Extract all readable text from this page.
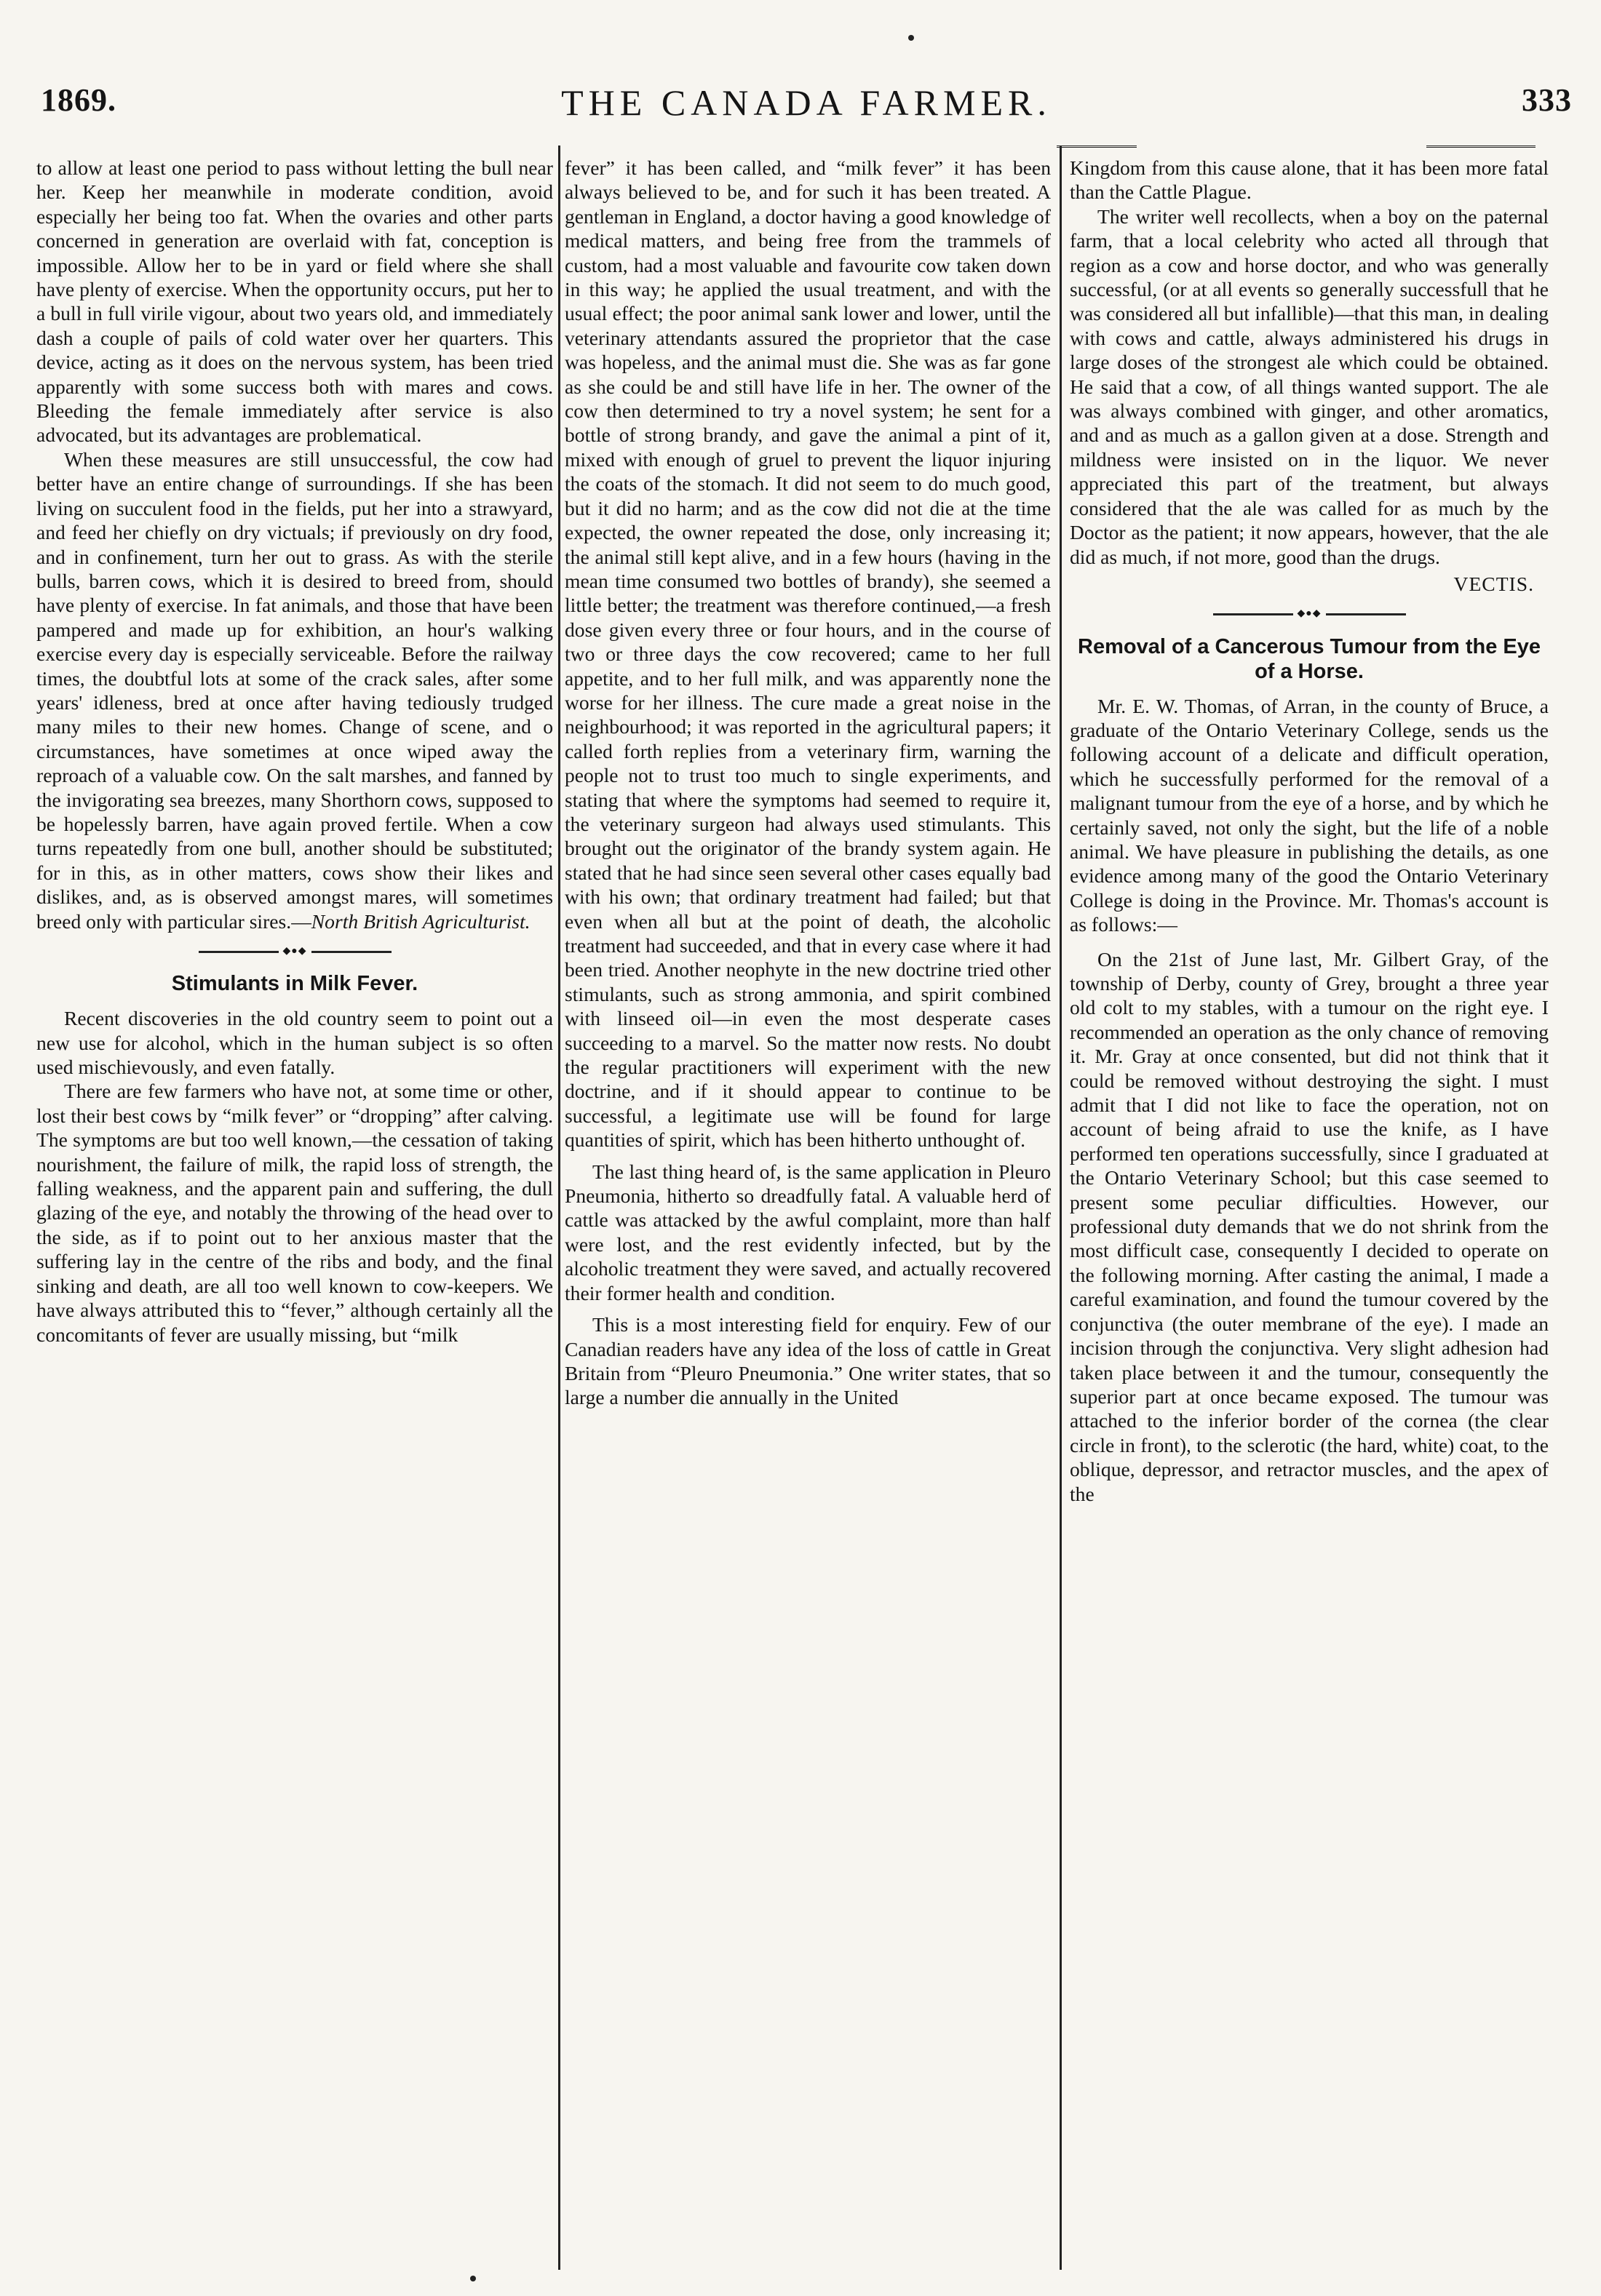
1869.	THE CANADA FARMER.	333

to allow at least one period to pass without letting the bull near her. Keep her meanwhile in moderate condition, avoid especially her being too fat. When the ovaries and other parts concerned in generation are overlaid with fat, conception is impossible. Allow her to be in yard or field where she shall have plenty of exercise. When the opportunity occurs, put her to a bull in full virile vigour, about two years old, and immediately dash a couple of pails of cold water over her quarters. This device, acting as it does on the nervous system, has been tried apparently with some success both with mares and cows. Bleeding the female immediately after service is also advocated, but its advantages are problematical.

When these measures are still unsuccessful, the cow had better have an entire change of surroundings. If she has been living on succulent food in the fields, put her into a strawyard, and feed her chiefly on dry victuals; if previously on dry food, and in confinement, turn her out to grass. As with the sterile bulls, barren cows, which it is desired to breed from, should have plenty of exercise. In fat animals, and those that have been pampered and made up for exhibition, an hour's walking exercise every day is especially serviceable. Before the railway times, the doubtful lots at some of the crack sales, after some years' idleness, bred at once after having tediously trudged many miles to their new homes. Change of scene, and o circumstances, have sometimes at once wiped away the reproach of a valuable cow. On the salt marshes, and fanned by the invigorating sea breezes, many Shorthorn cows, supposed to be hopelessly barren, have again proved fertile. When a cow turns repeatedly from one bull, another should be substituted; for in this, as in other matters, cows show their likes and dislikes, and, as is observed amongst mares, will sometimes breed only with particular sires.—North British Agriculturist.

◆●◆
Stimulants in Milk Fever.

Recent discoveries in the old country seem to point out a new use for alcohol, which in the human subject is so often used mischievously, and even fatally.

There are few farmers who have not, at some time or other, lost their best cows by “milk fever” or “dropping” after calving. The symptoms are but too well known,—the cessation of taking nourishment, the failure of milk, the rapid loss of strength, the falling weakness, and the apparent pain and suffering, the dull glazing of the eye, and notably the throwing of the head over to the side, as if to point out to her anxious master that the suffering lay in the centre of the ribs and body, and the final sinking and death, are all too well known to cow-keepers. We have always attributed this to “fever,” although certainly all the concomitants of fever are usually missing, but “milk

fever” it has been called, and “milk fever” it has been always believed to be, and for such it has been treated. A gentleman in England, a doctor having a good knowledge of medical matters, and being free from the trammels of custom, had a most valuable and favourite cow taken down in this way; he applied the usual treatment, and with the usual effect; the poor animal sank lower and lower, until the veterinary attendants assured the proprietor that the case was hopeless, and the animal must die. She was as far gone as she could be and still have life in her. The owner of the cow then determined to try a novel system; he sent for a bottle of strong brandy, and gave the animal a pint of it, mixed with enough of gruel to prevent the liquor injuring the coats of the stomach. It did not seem to do much good, but it did no harm; and as the cow did not die at the time expected, the owner repeated the dose, only increasing it; the animal still kept alive, and in a few hours (having in the mean time consumed two bottles of brandy), she seemed a little better; the treatment was therefore continued,—a fresh dose given every three or four hours, and in the course of two or three days the cow recovered; came to her full appetite, and to her full milk, and was apparently none the worse for her illness. The cure made a great noise in the neighbourhood; it was reported in the agricultural papers; it called forth replies from a veterinary firm, warning the people not to trust too much to single experiments, and stating that where the symptoms had seemed to require it, the veterinary surgeon had always used stimulants. This brought out the originator of the brandy system again. He stated that he had since seen several other cases equally bad with his own; that ordinary treatment had failed; but that even when all but at the point of death, the alcoholic treatment had succeeded, and that in every case where it had been tried. Another neophyte in the new doctrine tried other stimulants, such as strong ammonia, and spirit combined with linseed oil—in even the most desperate cases succeeding to a marvel. So the matter now rests. No doubt the regular practitioners will experiment with the new doctrine, and if it should appear to continue to be successful, a legitimate use will be found for large quantities of spirit, which has been hitherto unthought of.

The last thing heard of, is the same application in Pleuro Pneumonia, hitherto so dreadfully fatal. A valuable herd of cattle was attacked by the awful complaint, more than half were lost, and the rest evidently infected, but by the alcoholic treatment they were saved, and actually recovered their former health and condition.

This is a most interesting field for enquiry. Few of our Canadian readers have any idea of the loss of cattle in Great Britain from “Pleuro Pneumonia.” One writer states, that so large a number die annually in the United

Kingdom from this cause alone, that it has been more fatal than the Cattle Plague.

The writer well recollects, when a boy on the paternal farm, that a local celebrity who acted all through that region as a cow and horse doctor, and who was generally successful, (or at all events so generally successfull that he was considered all but infallible)—that this man, in dealing with cows and cattle, always administered his drugs in large doses of the strongest ale which could be obtained. He said that a cow, of all things wanted support. The ale was always combined with ginger, and other aromatics, and and as much as a gallon given at a dose. Strength and mildness were insisted on in the liquor. We never appreciated this part of the treatment, but always considered that the ale was called for as much by the Doctor as the patient; it now appears, however, that the ale did as much, if not more, good than the drugs.

VECTIS.
◆●◆
Removal of a Cancerous Tumour from the Eye of a Horse.

Mr. E. W. Thomas, of Arran, in the county of Bruce, a graduate of the Ontario Veterinary College, sends us the following account of a delicate and difficult operation, which he successfully performed for the removal of a malignant tumour from the eye of a horse, and by which he certainly saved, not only the sight, but the life of a noble animal. We have pleasure in publishing the details, as one evidence among many of the good the Ontario Veterinary College is doing in the Province. Mr. Thomas's account is as follows:—

On the 21st of June last, Mr. Gilbert Gray, of the township of Derby, county of Grey, brought a three year old colt to my stables, with a tumour on the right eye. I recommended an operation as the only chance of removing it. Mr. Gray at once consented, but did not think that it could be removed without destroying the sight. I must admit that I did not like to face the operation, not on account of being afraid to use the knife, as I have performed ten operations successfully, since I graduated at the Ontario Veterinary School; but this case seemed to present some peculiar difficulties. However, our professional duty demands that we do not shrink from the most difficult case, consequently I decided to operate on the following morning. After casting the animal, I made a careful examination, and found the tumour covered by the conjunctiva (the outer membrane of the eye). I made an incision through the conjunctiva. Very slight adhesion had taken place between it and the tumour, consequently the superior part at once became exposed. The tumour was attached to the inferior border of the cornea (the clear circle in front), to the sclerotic (the hard, white) coat, to the oblique, depressor, and retractor muscles, and the apex of the
